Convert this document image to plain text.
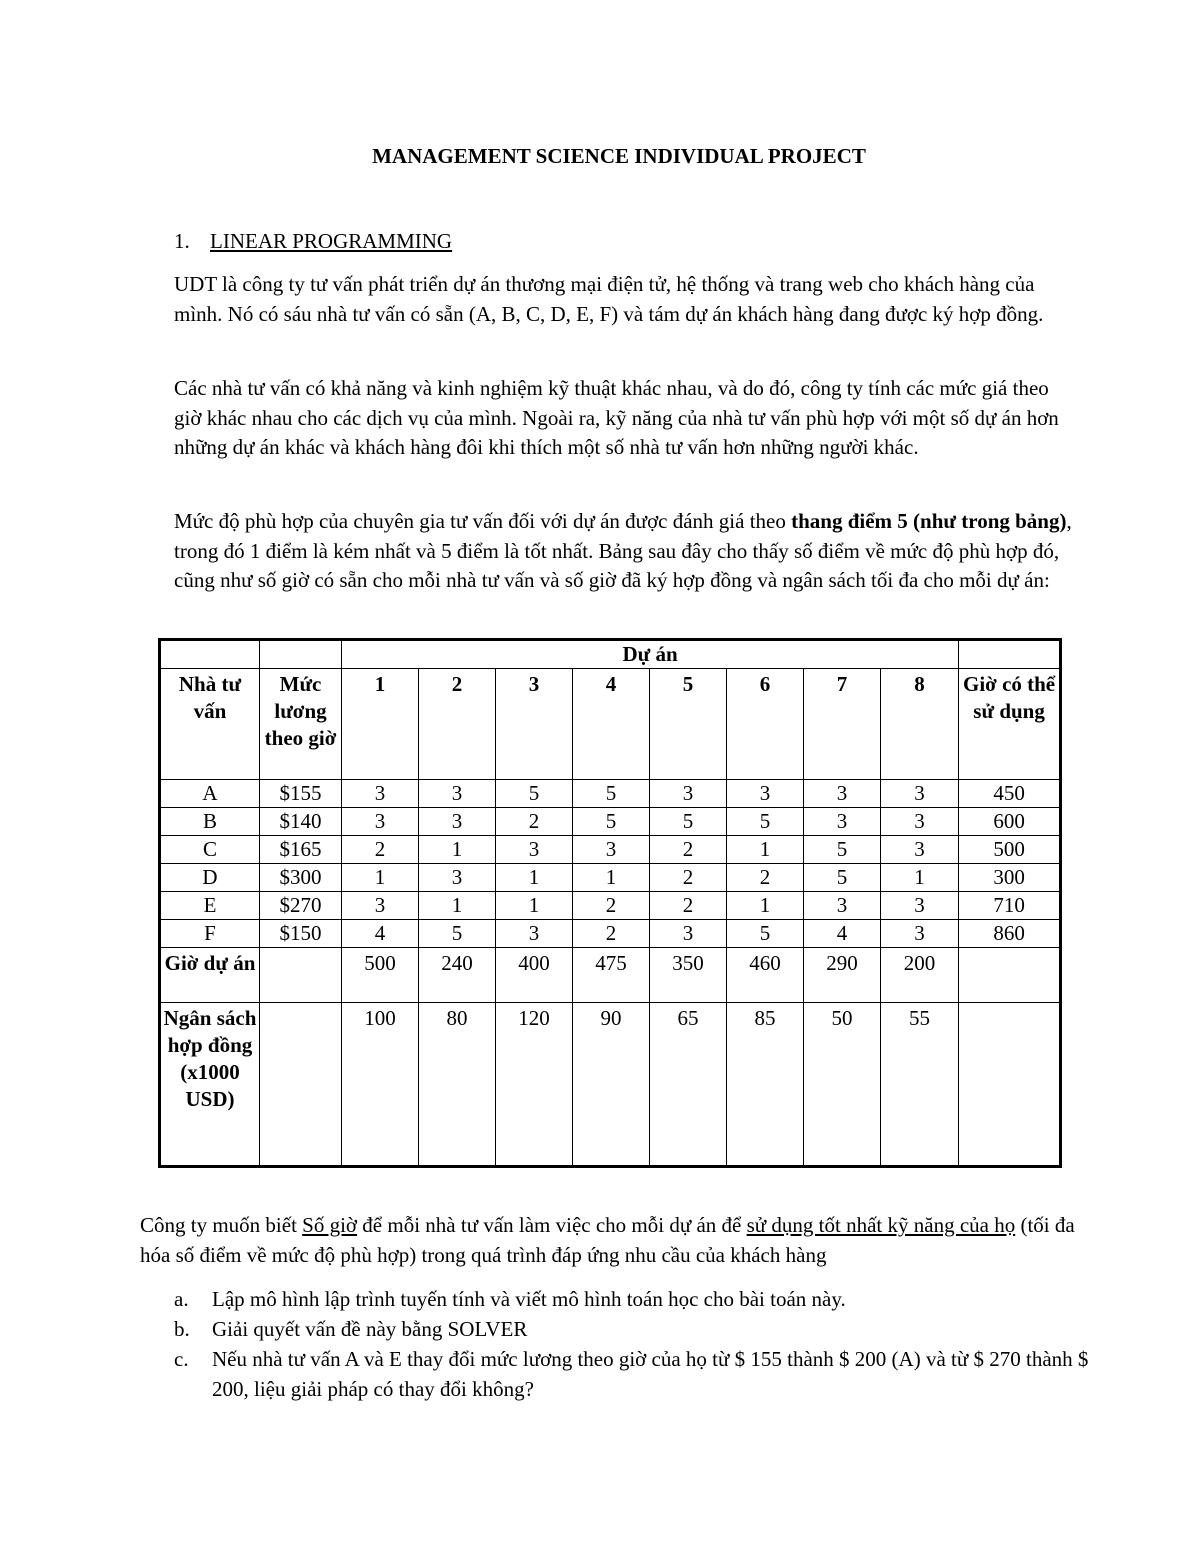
MANAGEMENT SCIENCE INDIVIDUAL PROJECT
1. LINEAR PROGRAMMING

UDT là công ty tư vấn phát triển dự án thương mại điện tử, hệ thống và trang web cho khách hàng của mình. Nó có sáu nhà tư vấn có sẵn (A, B, C, D, E, F) và tám dự án khách hàng đang được ký hợp đồng.

Các nhà tư vấn có khả năng và kinh nghiệm kỹ thuật khác nhau, và do đó, công ty tính các mức giá theo giờ khác nhau cho các dịch vụ của mình. Ngoài ra, kỹ năng của nhà tư vấn phù hợp với một số dự án hơn những dự án khác và khách hàng đôi khi thích một số nhà tư vấn hơn những người khác.

Mức độ phù hợp của chuyên gia tư vấn đối với dự án được đánh giá theo thang điểm 5 (như trong bảng), trong đó 1 điểm là kém nhất và 5 điểm là tốt nhất. Bảng sau đây cho thấy số điểm về mức độ phù hợp đó, cũng như số giờ có sẵn cho mỗi nhà tư vấn và số giờ đã ký hợp đồng và ngân sách tối đa cho mỗi dự án:

		Dự án								
Nhà tư vấn	Mức lương theo giờ	1	2	3	4	5	6	7	8	Giờ có thể sử dụng
A	$155	3	3	5	5	3	3	3	3	450
B	$140	3	3	2	5	5	5	3	3	600
C	$165	2	1	3	3	2	1	5	3	500
D	$300	1	3	1	1	2	2	5	1	300
E	$270	3	1	1	2	2	1	3	3	710
F	$150	4	5	3	2	3	5	4	3	860
Giờ dự án		500	240	400	475	350	460	290	200	
Ngân sách hợp đồng (x1000 USD)		100	80	120	90	65	85	50	55	

Công ty muốn biết Số giờ để mỗi nhà tư vấn làm việc cho mỗi dự án để sử dụng tốt nhất kỹ năng của họ (tối đa hóa số điểm về mức độ phù hợp) trong quá trình đáp ứng nhu cầu của khách hàng

a. Lập mô hình lập trình tuyến tính và viết mô hình toán học cho bài toán này.
b. Giải quyết vấn đề này bằng SOLVER
c. Nếu nhà tư vấn A và E thay đổi mức lương theo giờ của họ từ $ 155 thành $ 200 (A) và từ $ 270 thành $ 200, liệu giải pháp có thay đổi không?
